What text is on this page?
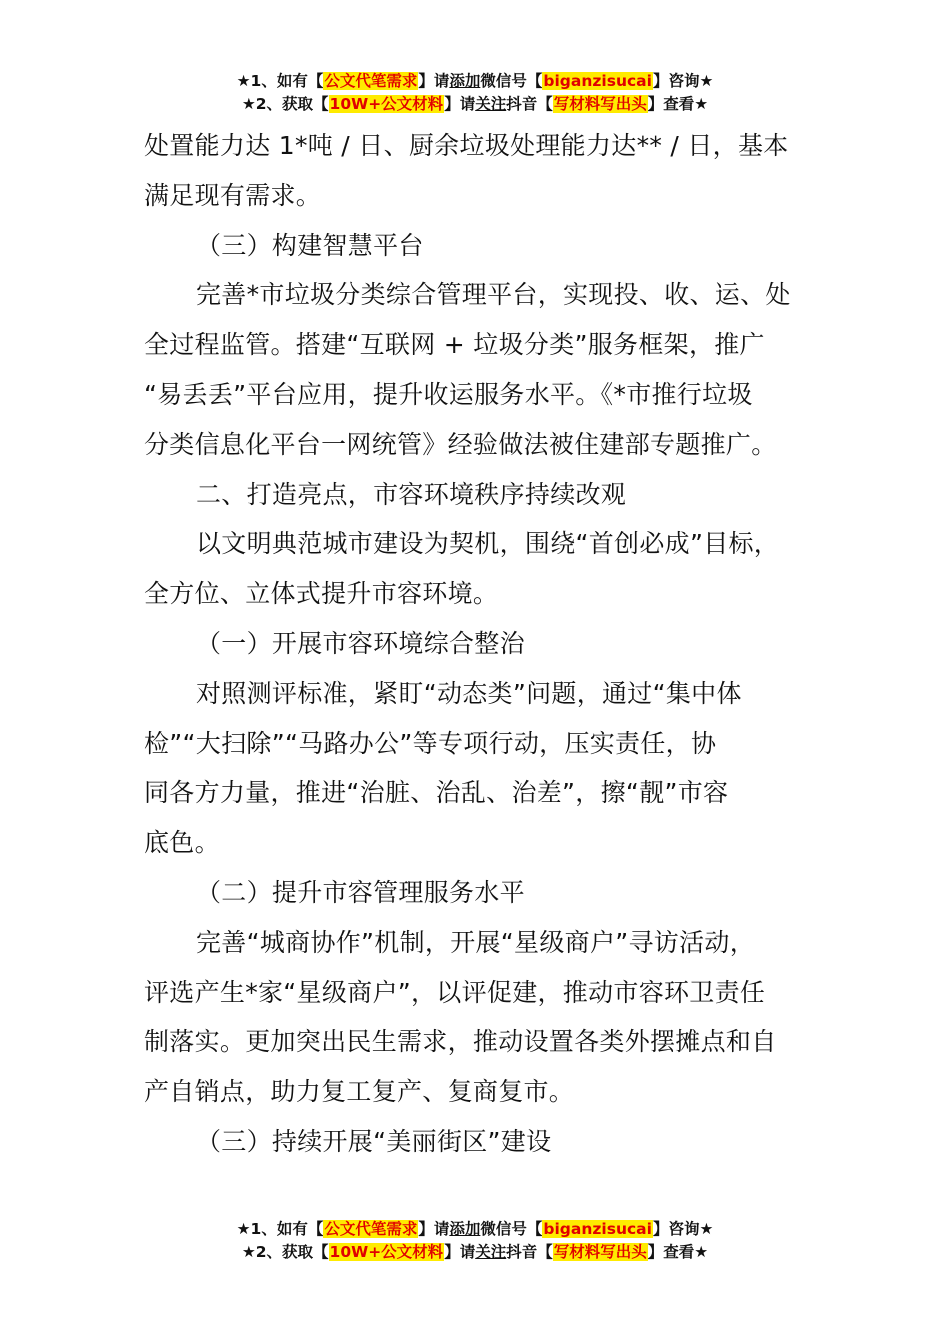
★1、如有【公文代笔需求】请添加微信号【biganzisucai】咨询★
★2、获取【10W+公文材料】请关注抖音【写材料写出头】查看★
处置能力达 1*吨 / 日、厨余垃圾处理能力达** / 日，基本
满足现有需求。
（三）构建智慧平台
完善*市垃圾分类综合管理平台，实现投、收、运、处
全过程监管。搭建“互联网 + 垃圾分类”服务框架，推广
“易丢丢”平台应用，提升收运服务水平。《*市推行垃圾
分类信息化平台一网统管》经验做法被住建部专题推广。
二、打造亮点，市容环境秩序持续改观
以文明典范城市建设为契机，围绕“首创必成”目标，
全方位、立体式提升市容环境。
（一）开展市容环境综合整治
对照测评标准，紧盯“动态类”问题，通过“集中体
检”“大扫除”“马路办公”等专项行动，压实责任，协
同各方力量，推进“治脏、治乱、治差”，擦“靓”市容
底色。
（二）提升市容管理服务水平
完善“城商协作”机制，开展“星级商户”寻访活动，
评选产生*家“星级商户”，以评促建，推动市容环卫责任
制落实。更加突出民生需求，推动设置各类外摆摊点和自
产自销点，助力复工复产、复商复市。
（三）持续开展“美丽街区”建设
★1、如有【公文代笔需求】请添加微信号【biganzisucai】咨询★
★2、获取【10W+公文材料】请关注抖音【写材料写出头】查看★
